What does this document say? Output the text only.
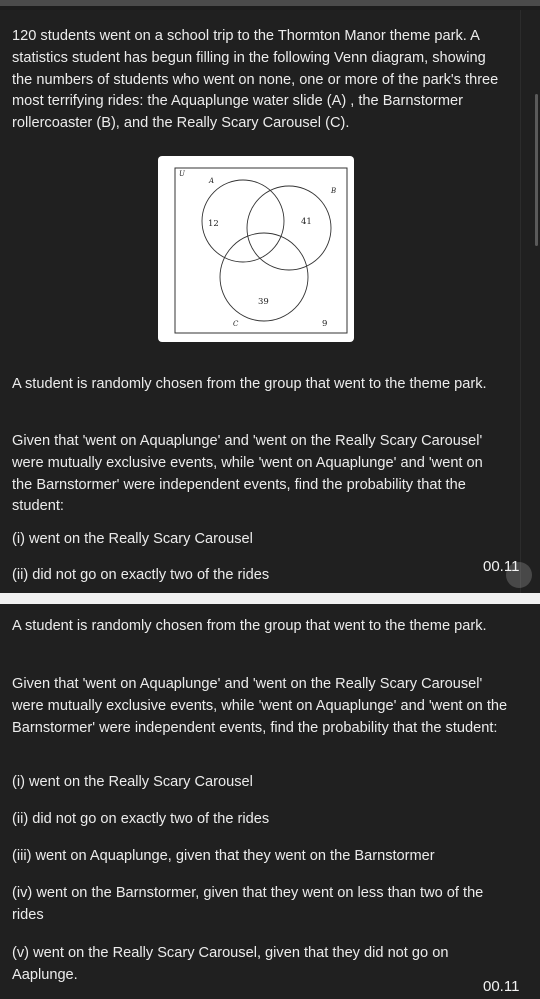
120 students went on a school trip to the Thormton Manor theme park. A statistics student has begun filling in the following Venn diagram, showing the numbers of students who went on none, one or more of the park's three most terrifying rides: the Aquaplunge water slide (A) , the Barnstormer rollercoaster (B), and the Really Scary Carousel (C).

U
A
B
C
12	41
39
9

A student is randomly chosen from the group that went to the theme park.

Given that 'went on Aquaplunge' and 'went on the Really Scary Carousel' were mutually exclusive events, while 'went on Aquaplunge' and 'went on the Barnstormer' were independent events, find the probability that the student:

(i) went on the Really Scary Carousel

(ii) did not go on exactly two of the rides	00.11

A student is randomly chosen from the group that went to the theme park.

Given that 'went on Aquaplunge' and 'went on the Really Scary Carousel' were mutually exclusive events, while 'went on Aquaplunge' and 'went on the Barnstormer' were independent events, find the probability that the student:

(i) went on the Really Scary Carousel

(ii) did not go on exactly two of the rides

(iii) went on Aquaplunge, given that they went on the Barnstormer

(iv) went on the Barnstormer, given that they went on less than two of the rides

(v) went on the Really Scary Carousel, given that they did not go on Aaplunge.

00.11
